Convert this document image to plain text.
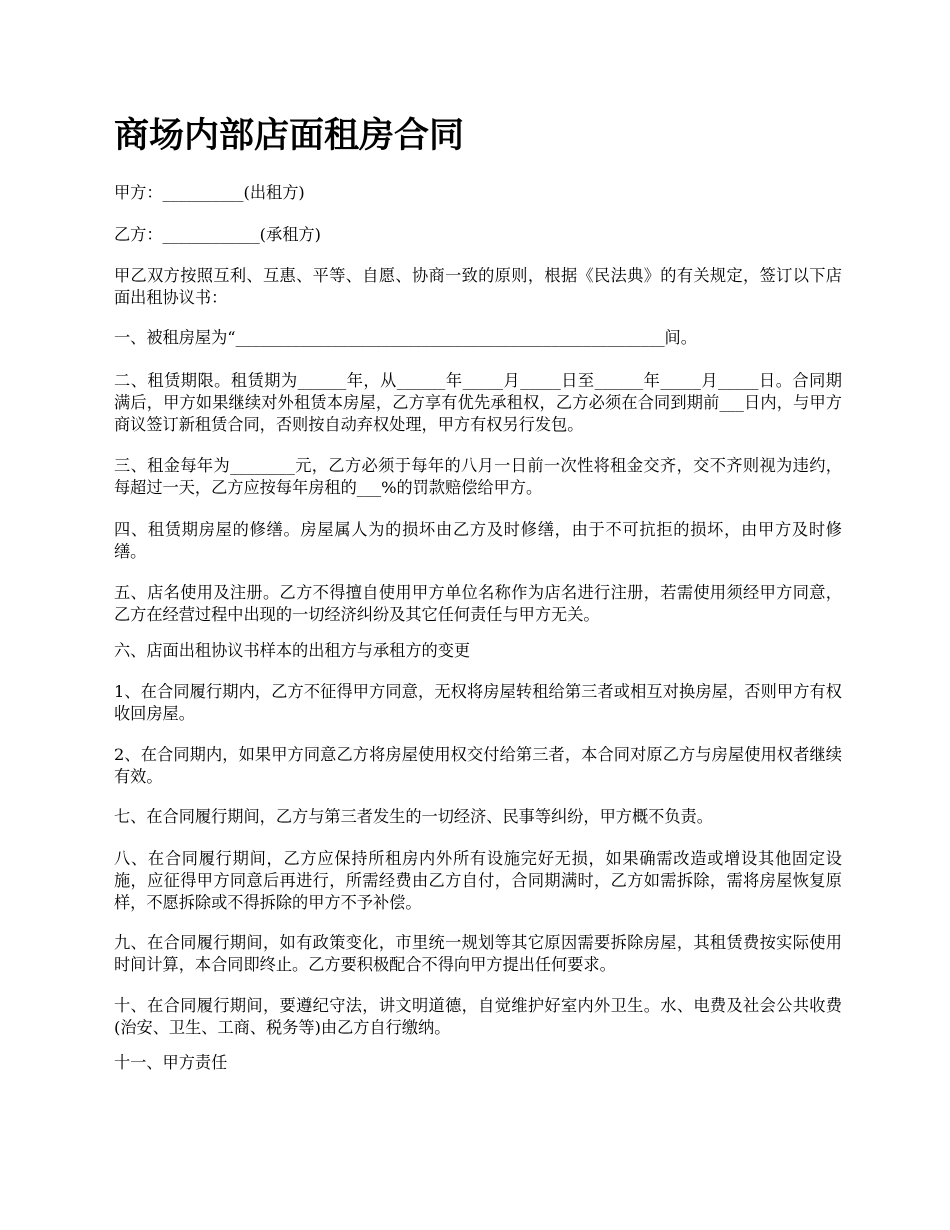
商场内部店面租房合同

甲方：__________(出租方)

乙方：____________(承租方)

甲乙双方按照互利、互惠、平等、自愿、协商一致的原则，根据《民法典》的有关规定，签订以下店面出租协议书：

一、被租房屋为“_____________________________________________________间。

二、租赁期限。租赁期为______年，从______年_____月_____日至______年_____月_____日。合同期满后，甲方如果继续对外租赁本房屋，乙方享有优先承租权，乙方必须在合同到期前___日内，与甲方商议签订新租赁合同，否则按自动弃权处理，甲方有权另行发包。

三、租金每年为________元，乙方必须于每年的八月一日前一次性将租金交齐，交不齐则视为违约，每超过一天，乙方应按每年房租的___%的罚款赔偿给甲方。

四、租赁期房屋的修缮。房屋属人为的损坏由乙方及时修缮，由于不可抗拒的损坏，由甲方及时修缮。

五、店名使用及注册。乙方不得擅自使用甲方单位名称作为店名进行注册，若需使用须经甲方同意，乙方在经营过程中出现的一切经济纠纷及其它任何责任与甲方无关。

六、店面出租协议书样本的出租方与承租方的变更

1、在合同履行期内，乙方不征得甲方同意，无权将房屋转租给第三者或相互对换房屋，否则甲方有权收回房屋。

2、在合同期内，如果甲方同意乙方将房屋使用权交付给第三者，本合同对原乙方与房屋使用权者继续有效。

七、在合同履行期间，乙方与第三者发生的一切经济、民事等纠纷，甲方概不负责。

八、在合同履行期间，乙方应保持所租房内外所有设施完好无损，如果确需改造或增设其他固定设施，应征得甲方同意后再进行，所需经费由乙方自付，合同期满时，乙方如需拆除，需将房屋恢复原样，不愿拆除或不得拆除的甲方不予补偿。

九、在合同履行期间，如有政策变化，市里统一规划等其它原因需要拆除房屋，其租赁费按实际使用时间计算，本合同即终止。乙方要积极配合不得向甲方提出任何要求。

十、在合同履行期间，要遵纪守法，讲文明道德，自觉维护好室内外卫生。水、电费及社会公共收费(治安、卫生、工商、税务等)由乙方自行缴纳。

十一、甲方责任
